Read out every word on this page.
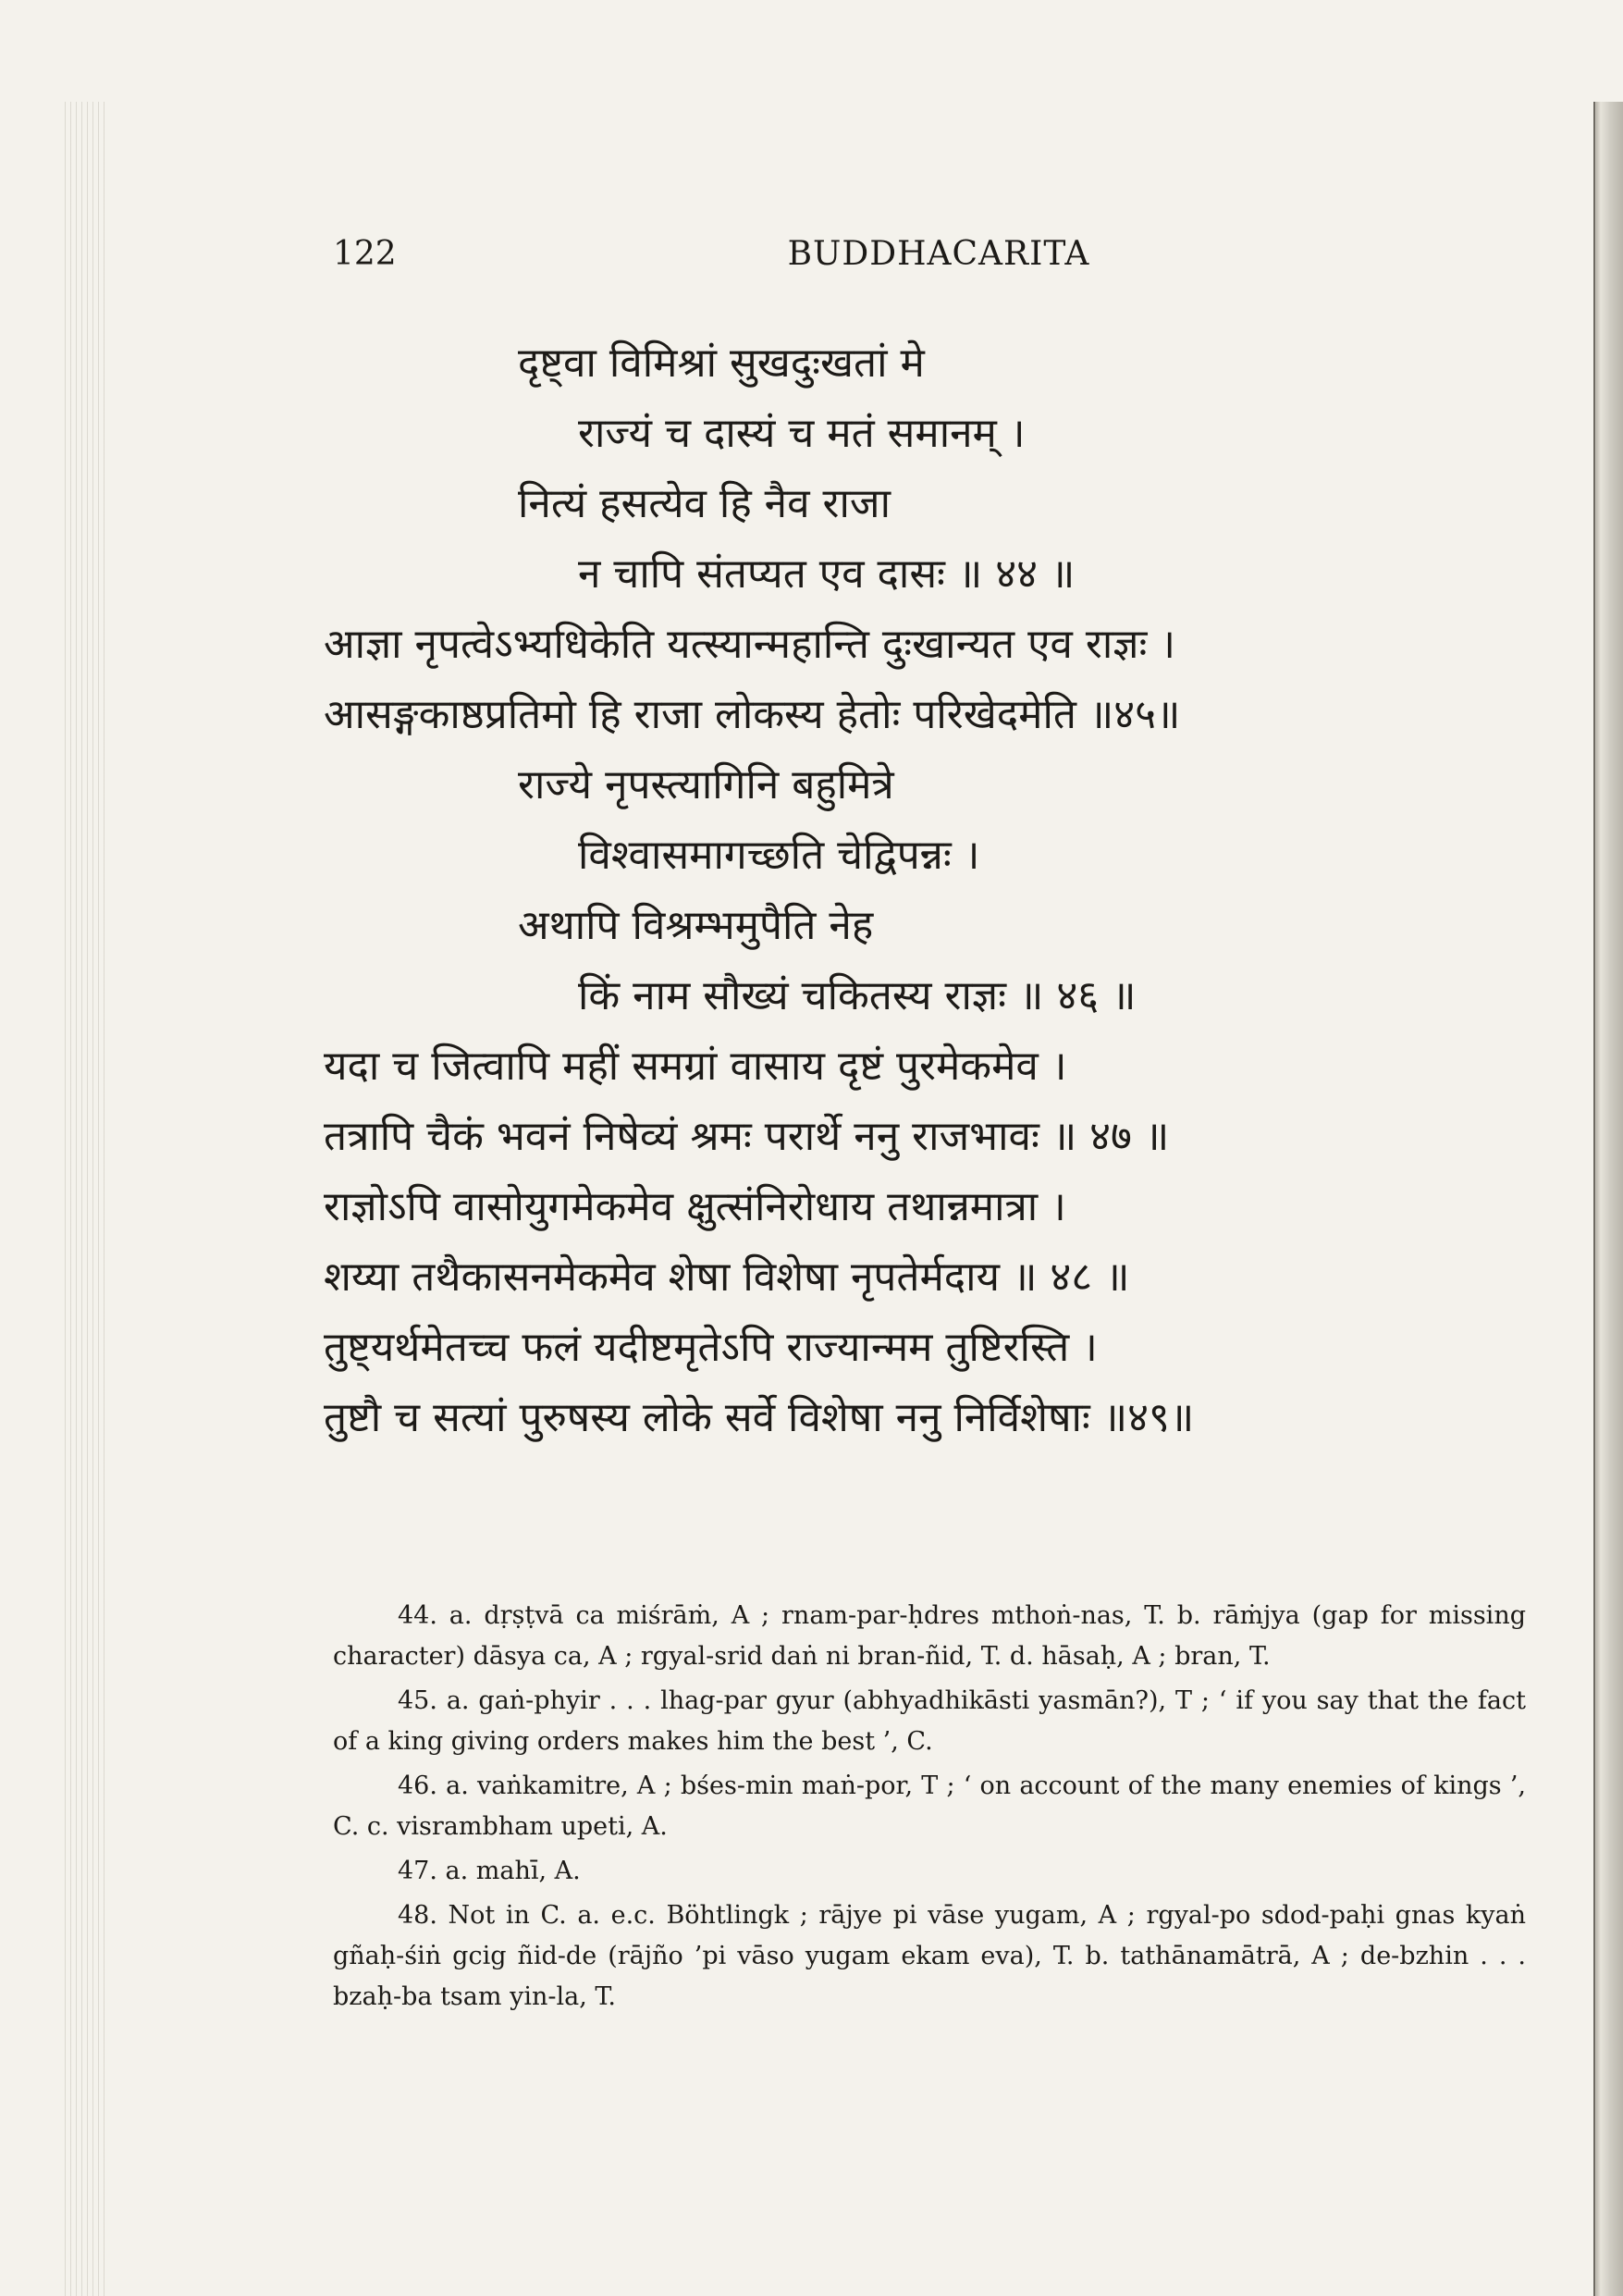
122	BUDDHACARITA
दृष्ट्वा विमिश्रां सुखदुःखतां मे
राज्यं च दास्यं च मतं समानम् ।
नित्यं हसत्येव हि नैव राजा
न चापि संतप्यत एव दासः ॥ ४४ ॥
आज्ञा नृपत्वेऽभ्यधिकेति यत्स्यान्महान्ति दुःखान्यत एव राज्ञः ।
आसङ्गकाष्ठप्रतिमो हि राजा लोकस्य हेतोः परिखेदमेति ॥४५॥
राज्ये नृपस्त्यागिनि बहुमित्रे
विश्वासमागच्छति चेद्विपन्नः ।
अथापि विश्रम्भमुपैति नेह
किं नाम सौख्यं चकितस्य राज्ञः ॥ ४६ ॥
यदा च जित्वापि महीं समग्रां वासाय दृष्टं पुरमेकमेव ।
तत्रापि चैकं भवनं निषेव्यं श्रमः परार्थे ननु राजभावः ॥ ४७ ॥
राज्ञोऽपि वासोयुगमेकमेव क्षुत्संनिरोधाय तथान्नमात्रा ।
शय्या तथैकासनमेकमेव शेषा विशेषा नृपतेर्मदाय ॥ ४८ ॥
तुष्ट्यर्थमेतच्च फलं यदीष्टमृतेऽपि राज्यान्मम तुष्टिरस्ति ।
तुष्टौ च सत्यां पुरुषस्य लोके सर्वे विशेषा ननु निर्विशेषाः ॥४९॥

44. a. dṛṣṭvā ca miśrāṁ, A ; rnam-par-ḥdres mthoṅ-nas, T. b. rāṁjya (gap for missing character) dāsya ca, A ; rgyal-srid daṅ ni bran-ñid, T. d. hāsaḥ, A ; bran, T.

45. a. gaṅ-phyir . . . lhag-par gyur (abhyadhikāsti yasmān?), T ; ‘ if you say that the fact of a king giving orders makes him the best ’, C.

46. a. vaṅkamitre, A ; bśes-min maṅ-por, T ; ‘ on account of the many enemies of kings ’, C. c. visrambham upeti, A.

47. a. mahī, A.

48. Not in C. a. e.c. Böhtlingk ; rājye pi vāse yugam, A ; rgyal-po sdod-paḥi gnas kyaṅ gñaḥ-śiṅ gcig ñid-de (rājño ’pi vāso yugam ekam eva), T. b. tathānamātrā, A ; de-bzhin . . . bzaḥ-ba tsam yin-la, T.
